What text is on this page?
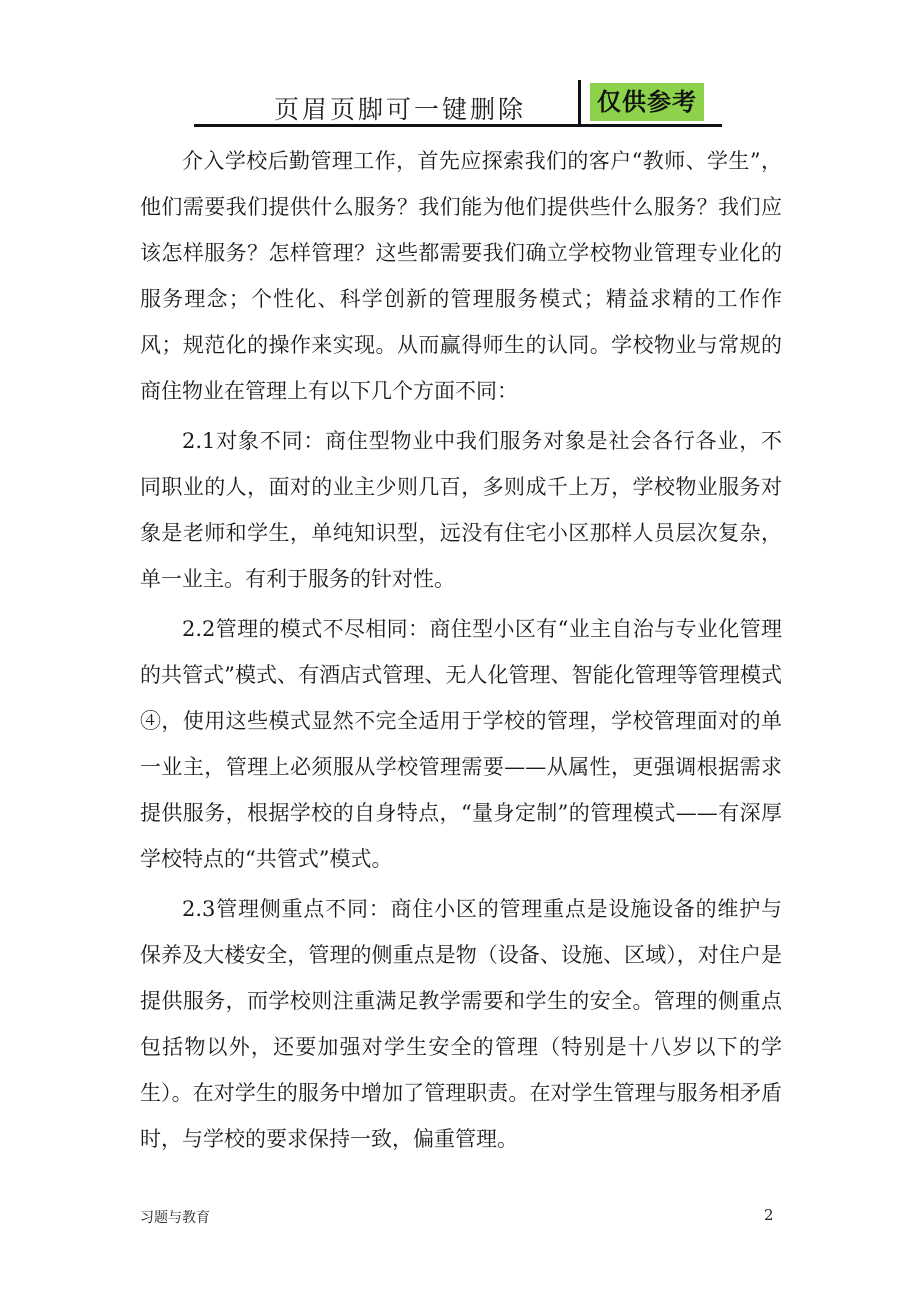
页眉页脚可一键删除	仅供参考

介入学校后勤管理工作，首先应探索我们的客户“教师、学生”，他们需要我们提供什么服务？我们能为他们提供些什么服务？我们应该怎样服务？怎样管理？这些都需要我们确立学校物业管理专业化的服务理念；个性化、科学创新的管理服务模式；精益求精的工作作风；规范化的操作来实现。从而赢得师生的认同。学校物业与常规的商住物业在管理上有以下几个方面不同：

2.1对象不同：商住型物业中我们服务对象是社会各行各业，不同职业的人，面对的业主少则几百，多则成千上万，学校物业服务对象是老师和学生，单纯知识型，远没有住宅小区那样人员层次复杂，单一业主。有利于服务的针对性。

2.2管理的模式不尽相同：商住型小区有“业主自治与专业化管理的共管式”模式、有酒店式管理、无人化管理、智能化管理等管理模式④，使用这些模式显然不完全适用于学校的管理，学校管理面对的单一业主，管理上必须服从学校管理需要——从属性，更强调根据需求提供服务，根据学校的自身特点，“量身定制”的管理模式——有深厚学校特点的“共管式”模式。

2.3管理侧重点不同：商住小区的管理重点是设施设备的维护与保养及大楼安全，管理的侧重点是物（设备、设施、区域），对住户是提供服务，而学校则注重满足教学需要和学生的安全。管理的侧重点包括物以外，还要加强对学生安全的管理（特别是十八岁以下的学生）。在对学生的服务中增加了管理职责。在对学生管理与服务相矛盾时，与学校的要求保持一致，偏重管理。

习题与教育	2
